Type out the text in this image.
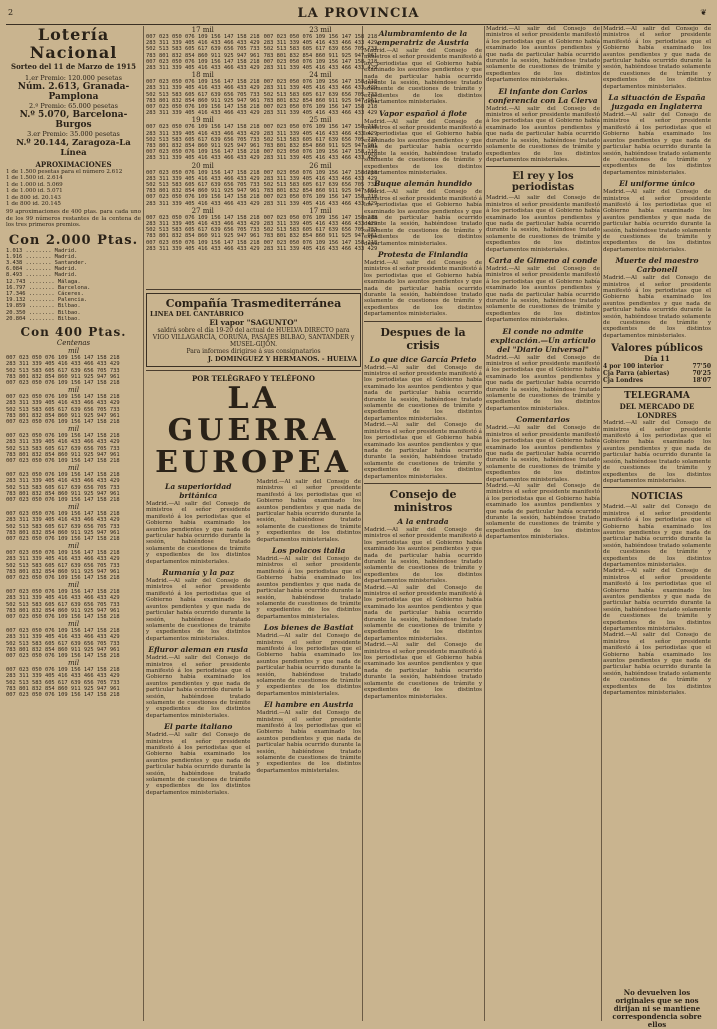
2	LA PROVINCIA	❦
Lotería Nacional
Sorteo del 11 de Marzo de 1915
1.er Premio: 120.000 pesetas
Núm. 2.613, Granada-Pamplona
2.º Premio: 65.000 pesetas
N.º 5.070, Barcelona-Burgos
3.er Premio: 35.000 pesetas
N.º 20.144, Zaragoza-La Línea
APROXIMACIONES

1 de 1.500 pesetas para el número 2.612

1 de 1.500 id. 2.614

1 de 1.000 id. 5.069

1 de 1.000 id. 5.071

1 de 800 id. 20.143

1 de 800 id. 20.145

99 aproximaciones de 400 ptas. para cada uno de los 99 números restantes de la centena de los tres primeros premios.

Con 2.000 Ptas.

1.013 ........ Madrid.

1.916 ........ Madrid.

3.438 ........ Santander.

6.084 ........ Madrid.

8.493 ........ Madrid.

12.743 ........ Málaga.

16.797 ........ Barcelona.

17.346 ........ Cáceres.

19.132 ........ Palencia.

19.859 ........ Bilbao.

20.350 ........ Bilbao.

20.804 ........ Bilbao.

Con 400 Ptas.
Centenas
mil

007 023 050 076 109 156 147 158 218

283 311 339 405 416 433 466 433 429

502 513 583 605 617 639 656 705 733

783 801 832 854 860 911 925 947 961

007 023 050 076 109 156 147 158 218

mil

007 023 050 076 109 156 147 158 218

283 311 339 405 416 433 466 433 429

502 513 583 605 617 639 656 705 733

783 801 832 854 860 911 925 947 961

007 023 050 076 109 156 147 158 218

mil

007 023 050 076 109 156 147 158 218

283 311 339 405 416 433 466 433 429

502 513 583 605 617 639 656 705 733

783 801 832 854 860 911 925 947 961

007 023 050 076 109 156 147 158 218

mil

007 023 050 076 109 156 147 158 218

283 311 339 405 416 433 466 433 429

502 513 583 605 617 639 656 705 733

783 801 832 854 860 911 925 947 961

007 023 050 076 109 156 147 158 218

mil

007 023 050 076 109 156 147 158 218

283 311 339 405 416 433 466 433 429

502 513 583 605 617 639 656 705 733

783 801 832 854 860 911 925 947 961

007 023 050 076 109 156 147 158 218

mil

007 023 050 076 109 156 147 158 218

283 311 339 405 416 433 466 433 429

502 513 583 605 617 639 656 705 733

783 801 832 854 860 911 925 947 961

007 023 050 076 109 156 147 158 218

mil

007 023 050 076 109 156 147 158 218

283 311 339 405 416 433 466 433 429

502 513 583 605 617 639 656 705 733

783 801 832 854 860 911 925 947 961

007 023 050 076 109 156 147 158 218

mil

007 023 050 076 109 156 147 158 218

283 311 339 405 416 433 466 433 429

502 513 583 605 617 639 656 705 733

783 801 832 854 860 911 925 947 961

007 023 050 076 109 156 147 158 218

mil

007 023 050 076 109 156 147 158 218

283 311 339 405 416 433 466 433 429

502 513 583 605 617 639 656 705 733

783 801 832 854 860 911 925 947 961

007 023 050 076 109 156 147 158 218

17 mil

007 023 050 076 109 156 147 158 218

283 311 339 405 416 433 466 433 429

502 513 583 605 617 639 656 705 733

783 801 832 854 860 911 925 947 961

007 023 050 076 109 156 147 158 218

283 311 339 405 416 433 466 433 429

23 mil

007 023 050 076 109 156 147 158 218

283 311 339 405 416 433 466 433 429

502 513 583 605 617 639 656 705 733

783 801 832 854 860 911 925 947 961

007 023 050 076 109 156 147 158 218

283 311 339 405 416 433 466 433 429

18 mil

007 023 050 076 109 156 147 158 218

283 311 339 405 416 433 466 433 429

502 513 583 605 617 639 656 705 733

783 801 832 854 860 911 925 947 961

007 023 050 076 109 156 147 158 218

283 311 339 405 416 433 466 433 429

24 mil

007 023 050 076 109 156 147 158 218

283 311 339 405 416 433 466 433 429

502 513 583 605 617 639 656 705 733

783 801 832 854 860 911 925 947 961

007 023 050 076 109 156 147 158 218

283 311 339 405 416 433 466 433 429

19 mil

007 023 050 076 109 156 147 158 218

283 311 339 405 416 433 466 433 429

502 513 583 605 617 639 656 705 733

783 801 832 854 860 911 925 947 961

007 023 050 076 109 156 147 158 218

283 311 339 405 416 433 466 433 429

25 mil

007 023 050 076 109 156 147 158 218

283 311 339 405 416 433 466 433 429

502 513 583 605 617 639 656 705 733

783 801 832 854 860 911 925 947 961

007 023 050 076 109 156 147 158 218

283 311 339 405 416 433 466 433 429

20 mil

007 023 050 076 109 156 147 158 218

283 311 339 405 416 433 466 433 429

502 513 583 605 617 639 656 705 733

783 801 832 854 860 911 925 947 961

007 023 050 076 109 156 147 158 218

283 311 339 405 416 433 466 433 429

26 mil

007 023 050 076 109 156 147 158 218

283 311 339 405 416 433 466 433 429

502 513 583 605 617 639 656 705 733

783 801 832 854 860 911 925 947 961

007 023 050 076 109 156 147 158 218

283 311 339 405 416 433 466 433 429

27 mil

007 023 050 076 109 156 147 158 218

283 311 339 405 416 433 466 433 429

502 513 583 605 617 639 656 705 733

783 801 832 854 860 911 925 947 961

007 023 050 076 109 156 147 158 218

283 311 339 405 416 433 466 433 429

17 mil

007 023 050 076 109 156 147 158 218

283 311 339 405 416 433 466 433 429

502 513 583 605 617 639 656 705 733

783 801 832 854 860 911 925 947 961

007 023 050 076 109 156 147 158 218

283 311 339 405 416 433 466 433 429

Compañía Trasmediterránea
LINEA DEL CANTÁBRICO
El vapor "SAGUNTO"
saldrá sobre el día 19-20 del actual de HUELVA DIRECTO para VIGO VILLAGARCÍA, CORUÑA, PASAJES BILBAO, SANTANDER y MUSEL-GIJÓN.
Para informes dirigirse á sus consignatarios
J. DOMINGUEZ Y HERMANOS. - HUELVA
POR TELÉGRAFO Y TELÉFONO
LA GUERRA EUROPEA
La superioridad británica
Madrid.—Al salir del Consejo de ministros el señor presidente manifestó á los periodistas que el Gobierno había examinado los asuntos pendientes y que nada de particular había ocurrido durante la sesión, habiéndose tratado solamente de cuestiones de trámite y expedientes de los distintos departamentos ministeriales.
Rumanía y la paz
Madrid.—Al salir del Consejo de ministros el señor presidente manifestó á los periodistas que el Gobierno había examinado los asuntos pendientes y que nada de particular había ocurrido durante la sesión, habiéndose tratado solamente de cuestiones de trámite y expedientes de los distintos departamentos ministeriales.
Efluror aleman en rusia
Madrid.—Al salir del Consejo de ministros el señor presidente manifestó á los periodistas que el Gobierno había examinado los asuntos pendientes y que nada de particular había ocurrido durante la sesión, habiéndose tratado solamente de cuestiones de trámite y expedientes de los distintos departamentos ministeriales.
El parte italiano
Madrid.—Al salir del Consejo de ministros el señor presidente manifestó á los periodistas que el Gobierno había examinado los asuntos pendientes y que nada de particular había ocurrido durante la sesión, habiéndose tratado solamente de cuestiones de trámite y expedientes de los distintos departamentos ministeriales.
Madrid.—Al salir del Consejo de ministros el señor presidente manifestó á los periodistas que el Gobierno había examinado los asuntos pendientes y que nada de particular había ocurrido durante la sesión, habiéndose tratado solamente de cuestiones de trámite y expedientes de los distintos departamentos ministeriales.
Los polacos italia
Madrid.—Al salir del Consejo de ministros el señor presidente manifestó á los periodistas que el Gobierno había examinado los asuntos pendientes y que nada de particular había ocurrido durante la sesión, habiéndose tratado solamente de cuestiones de trámite y expedientes de los distintos departamentos ministeriales.
Los bienes de Bastiat
Madrid.—Al salir del Consejo de ministros el señor presidente manifestó á los periodistas que el Gobierno había examinado los asuntos pendientes y que nada de particular había ocurrido durante la sesión, habiéndose tratado solamente de cuestiones de trámite y expedientes de los distintos departamentos ministeriales.
El hambre en Austria
Madrid.—Al salir del Consejo de ministros el señor presidente manifestó á los periodistas que el Gobierno había examinado los asuntos pendientes y que nada de particular había ocurrido durante la sesión, habiéndose tratado solamente de cuestiones de trámite y expedientes de los distintos departamentos ministeriales.
Alumbramiento de la emperatriz de Austria
Madrid.—Al salir del Consejo de ministros el señor presidente manifestó á los periodistas que el Gobierno había examinado los asuntos pendientes y que nada de particular había ocurrido durante la sesión, habiéndose tratado solamente de cuestiones de trámite y expedientes de los distintos departamentos ministeriales.
Vapor español á flote
Madrid.—Al salir del Consejo de ministros el señor presidente manifestó á los periodistas que el Gobierno había examinado los asuntos pendientes y que nada de particular había ocurrido durante la sesión, habiéndose tratado solamente de cuestiones de trámite y expedientes de los distintos departamentos ministeriales.
Buque alemán hundido
Madrid.—Al salir del Consejo de ministros el señor presidente manifestó á los periodistas que el Gobierno había examinado los asuntos pendientes y que nada de particular había ocurrido durante la sesión, habiéndose tratado solamente de cuestiones de trámite y expedientes de los distintos departamentos ministeriales.
Protesta de Finlandia
Madrid.—Al salir del Consejo de ministros el señor presidente manifestó á los periodistas que el Gobierno había examinado los asuntos pendientes y que nada de particular había ocurrido durante la sesión, habiéndose tratado solamente de cuestiones de trámite y expedientes de los distintos departamentos ministeriales.
Despues de la crisis
Lo que dice García Prieto
Madrid.—Al salir del Consejo de ministros el señor presidente manifestó á los periodistas que el Gobierno había examinado los asuntos pendientes y que nada de particular había ocurrido durante la sesión, habiéndose tratado solamente de cuestiones de trámite y expedientes de los distintos departamentos ministeriales.
Madrid.—Al salir del Consejo de ministros el señor presidente manifestó á los periodistas que el Gobierno había examinado los asuntos pendientes y que nada de particular había ocurrido durante la sesión, habiéndose tratado solamente de cuestiones de trámite y expedientes de los distintos departamentos ministeriales.
Consejo de ministros
A la entrada
Madrid.—Al salir del Consejo de ministros el señor presidente manifestó á los periodistas que el Gobierno había examinado los asuntos pendientes y que nada de particular había ocurrido durante la sesión, habiéndose tratado solamente de cuestiones de trámite y expedientes de los distintos departamentos ministeriales.
Madrid.—Al salir del Consejo de ministros el señor presidente manifestó á los periodistas que el Gobierno había examinado los asuntos pendientes y que nada de particular había ocurrido durante la sesión, habiéndose tratado solamente de cuestiones de trámite y expedientes de los distintos departamentos ministeriales.
Madrid.—Al salir del Consejo de ministros el señor presidente manifestó á los periodistas que el Gobierno había examinado los asuntos pendientes y que nada de particular había ocurrido durante la sesión, habiéndose tratado solamente de cuestiones de trámite y expedientes de los distintos departamentos ministeriales.
Madrid.—Al salir del Consejo de ministros el señor presidente manifestó á los periodistas que el Gobierno había examinado los asuntos pendientes y que nada de particular había ocurrido durante la sesión, habiéndose tratado solamente de cuestiones de trámite y expedientes de los distintos departamentos ministeriales.
El infante don Carlos conferencia con La Cierva
Madrid.—Al salir del Consejo de ministros el señor presidente manifestó á los periodistas que el Gobierno había examinado los asuntos pendientes y que nada de particular había ocurrido durante la sesión, habiéndose tratado solamente de cuestiones de trámite y expedientes de los distintos departamentos ministeriales.
El rey y los periodistas
Madrid.—Al salir del Consejo de ministros el señor presidente manifestó á los periodistas que el Gobierno había examinado los asuntos pendientes y que nada de particular había ocurrido durante la sesión, habiéndose tratado solamente de cuestiones de trámite y expedientes de los distintos departamentos ministeriales.
Carta de Gimeno al conde
Madrid.—Al salir del Consejo de ministros el señor presidente manifestó á los periodistas que el Gobierno había examinado los asuntos pendientes y que nada de particular había ocurrido durante la sesión, habiéndose tratado solamente de cuestiones de trámite y expedientes de los distintos departamentos ministeriales.
El conde no admite explicación.—Un artículo del "Diario Universal"
Madrid.—Al salir del Consejo de ministros el señor presidente manifestó á los periodistas que el Gobierno había examinado los asuntos pendientes y que nada de particular había ocurrido durante la sesión, habiéndose tratado solamente de cuestiones de trámite y expedientes de los distintos departamentos ministeriales.
Comentarios
Madrid.—Al salir del Consejo de ministros el señor presidente manifestó á los periodistas que el Gobierno había examinado los asuntos pendientes y que nada de particular había ocurrido durante la sesión, habiéndose tratado solamente de cuestiones de trámite y expedientes de los distintos departamentos ministeriales.
Madrid.—Al salir del Consejo de ministros el señor presidente manifestó á los periodistas que el Gobierno había examinado los asuntos pendientes y que nada de particular había ocurrido durante la sesión, habiéndose tratado solamente de cuestiones de trámite y expedientes de los distintos departamentos ministeriales.
Madrid.—Al salir del Consejo de ministros el señor presidente manifestó á los periodistas que el Gobierno había examinado los asuntos pendientes y que nada de particular había ocurrido durante la sesión, habiéndose tratado solamente de cuestiones de trámite y expedientes de los distintos departamentos ministeriales.
La situación de España juzgada en Inglaterra
Madrid.—Al salir del Consejo de ministros el señor presidente manifestó á los periodistas que el Gobierno había examinado los asuntos pendientes y que nada de particular había ocurrido durante la sesión, habiéndose tratado solamente de cuestiones de trámite y expedientes de los distintos departamentos ministeriales.
El uniforme único
Madrid.—Al salir del Consejo de ministros el señor presidente manifestó á los periodistas que el Gobierno había examinado los asuntos pendientes y que nada de particular había ocurrido durante la sesión, habiéndose tratado solamente de cuestiones de trámite y expedientes de los distintos departamentos ministeriales.
Muerte del maestro Carbonell
Madrid.—Al salir del Consejo de ministros el señor presidente manifestó á los periodistas que el Gobierno había examinado los asuntos pendientes y que nada de particular había ocurrido durante la sesión, habiéndose tratado solamente de cuestiones de trámite y expedientes de los distintos departamentos ministeriales.
Valores públicos
Día 11
4 por 100 interior	77'50
Cja Parra (abiertas)	70'25
Cja Londres	18'07
TELEGRAMA
DEL MERCADO DE LONDRES
Madrid.—Al salir del Consejo de ministros el señor presidente manifestó á los periodistas que el Gobierno había examinado los asuntos pendientes y que nada de particular había ocurrido durante la sesión, habiéndose tratado solamente de cuestiones de trámite y expedientes de los distintos departamentos ministeriales.
NOTICIAS
Madrid.—Al salir del Consejo de ministros el señor presidente manifestó á los periodistas que el Gobierno había examinado los asuntos pendientes y que nada de particular había ocurrido durante la sesión, habiéndose tratado solamente de cuestiones de trámite y expedientes de los distintos departamentos ministeriales.
Madrid.—Al salir del Consejo de ministros el señor presidente manifestó á los periodistas que el Gobierno había examinado los asuntos pendientes y que nada de particular había ocurrido durante la sesión, habiéndose tratado solamente de cuestiones de trámite y expedientes de los distintos departamentos ministeriales.
Madrid.—Al salir del Consejo de ministros el señor presidente manifestó á los periodistas que el Gobierno había examinado los asuntos pendientes y que nada de particular había ocurrido durante la sesión, habiéndose tratado solamente de cuestiones de trámite y expedientes de los distintos departamentos ministeriales.
No devuelven los originales que se nos dirijan ni se mantiene correspondencia sobre ellos
